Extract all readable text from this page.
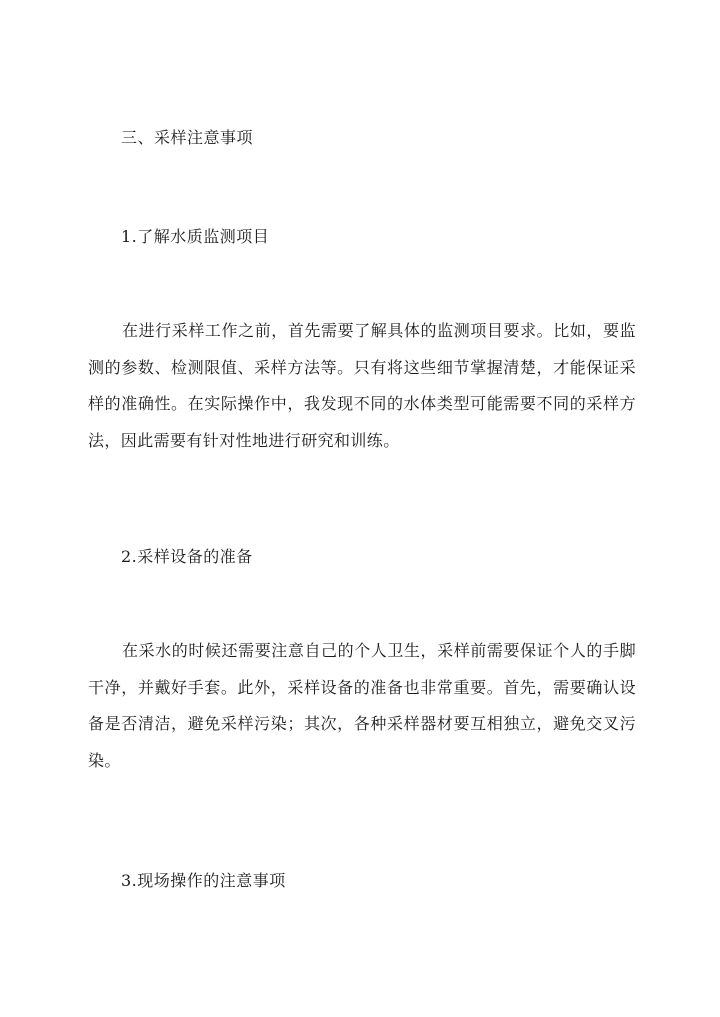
三、采样注意事项
1.了解水质监测项目
在进行采样工作之前，首先需要了解具体的监测项目要求。比如，要监测的参数、检测限值、采样方法等。只有将这些细节掌握清楚，才能保证采样的准确性。在实际操作中，我发现不同的水体类型可能需要不同的采样方法，因此需要有针对性地进行研究和训练。
2.采样设备的准备
在采水的时候还需要注意自己的个人卫生，采样前需要保证个人的手脚干净，并戴好手套。此外，采样设备的准备也非常重要。首先，需要确认设备是否清洁，避免采样污染；其次，各种采样器材要互相独立，避免交叉污染。
3.现场操作的注意事项
